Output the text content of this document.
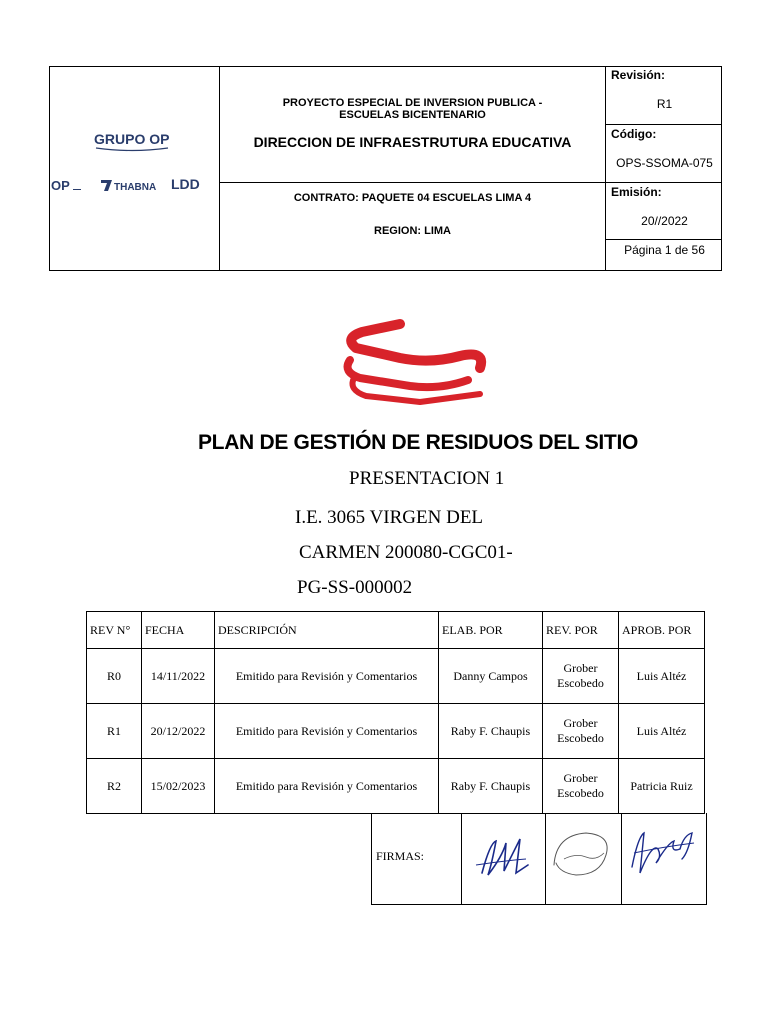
GRUPO OP
OP	THABNA LDD
PROYECTO ESPECIAL DE INVERSION PUBLICA - ESCUELAS BICENTENARIO
DIRECCION DE INFRAESTRUTURA EDUCATIVA
CONTRATO: PAQUETE 04 ESCUELAS LIMA 4
REGION: LIMA
Revisión:
R1
Código:
OPS-SSOMA-075
Emisión:
20//2022
Página 1 de 56
PLAN DE GESTIÓN DE RESIDUOS DEL SITIO
PRESENTACION 1
I.E. 3065 VIRGEN DEL
CARMEN 200080-CGC01-
PG-SS-000002
REV N°	FECHA	DESCRIPCIÓN	ELAB. POR	REV. POR	APROB. POR
R0	14/11/2022	Emitido para Revisión y Comentarios	Danny Campos	Grober Escobedo	Luis Altéz
R1	20/12/2022	Emitido para Revisión y Comentarios	Raby F. Chaupis	Grober Escobedo	Luis Altéz
R2	15/02/2023	Emitido para Revisión y Comentarios	Raby F. Chaupis	Grober Escobedo	Patricia Ruiz
FIRMAS:
